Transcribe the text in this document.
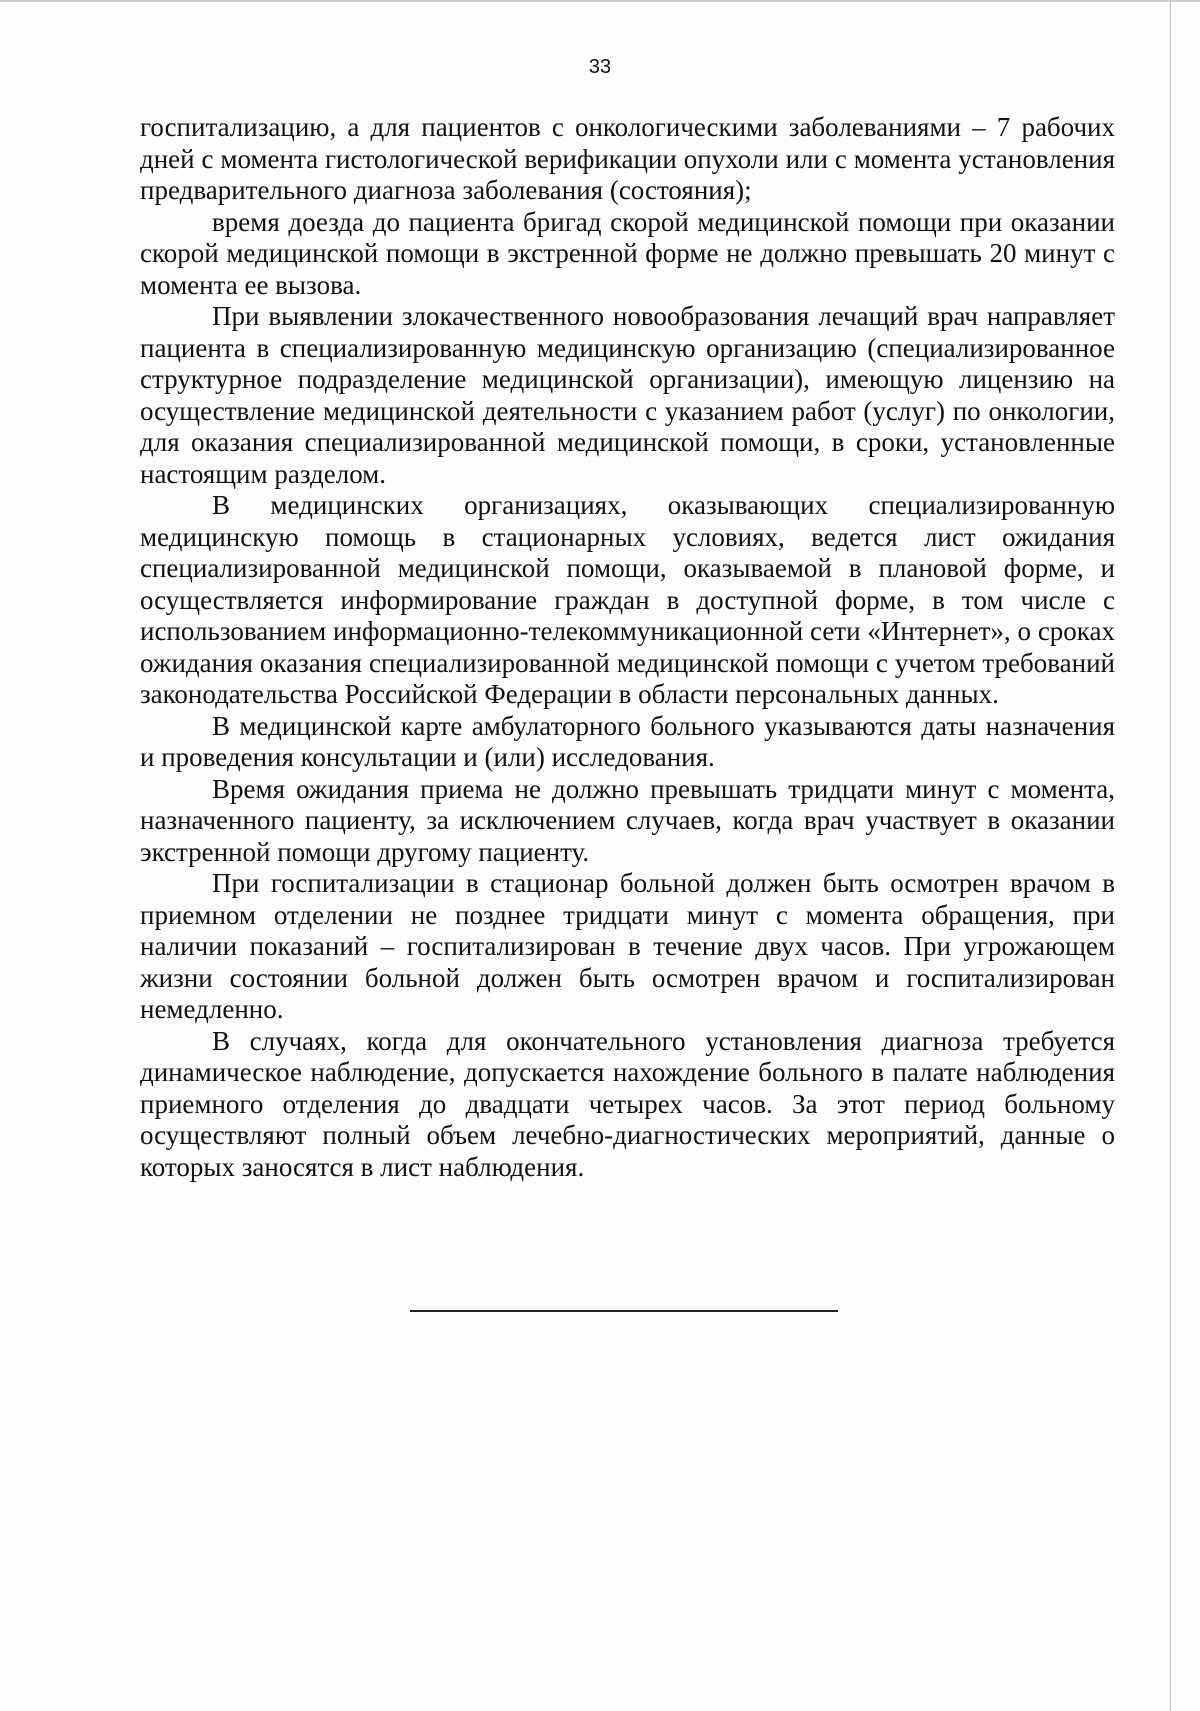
33

госпитализацию, а для пациентов с онкологическими заболеваниями – 7 рабочих дней с момента гистологической верификации опухоли или с момента установления предварительного диагноза заболевания (состояния);

время доезда до пациента бригад скорой медицинской помощи при оказании скорой медицинской помощи в экстренной форме не должно превышать 20 минут с момента ее вызова.

При выявлении злокачественного новообразования лечащий врач направляет пациента в специализированную медицинскую организацию (специализированное структурное подразделение медицинской организации), имеющую лицензию на осуществление медицинской деятельности с указанием работ (услуг) по онкологии, для оказания специализированной медицинской помощи, в сроки, установленные настоящим разделом.

В медицинских организациях, оказывающих специализированную медицинскую помощь в стационарных условиях, ведется лист ожидания специализированной медицинской помощи, оказываемой в плановой форме, и осуществляется информирование граждан в доступной форме, в том числе с использованием информационно-телекоммуникационной сети «Интернет», о сроках ожидания оказания специализированной медицинской помощи с учетом требований законодательства Российской Федерации в области персональных данных.

В медицинской карте амбулаторного больного указываются даты назначения и проведения консультации и (или) исследования.

Время ожидания приема не должно превышать тридцати минут с момента, назначенного пациенту, за исключением случаев, когда врач участвует в оказании экстренной помощи другому пациенту.

При госпитализации в стационар больной должен быть осмотрен врачом в приемном отделении не позднее тридцати минут с момента обращения, при наличии показаний – госпитализирован в течение двух часов. При угрожающем жизни состоянии больной должен быть осмотрен врачом и госпитализирован немедленно.

В случаях, когда для окончательного установления диагноза требуется динамическое наблюдение, допускается нахождение больного в палате наблюдения приемного отделения до двадцати четырех часов. За этот период больному осуществляют полный объем лечебно-диагностических мероприятий, данные о которых заносятся в лист наблюдения.
